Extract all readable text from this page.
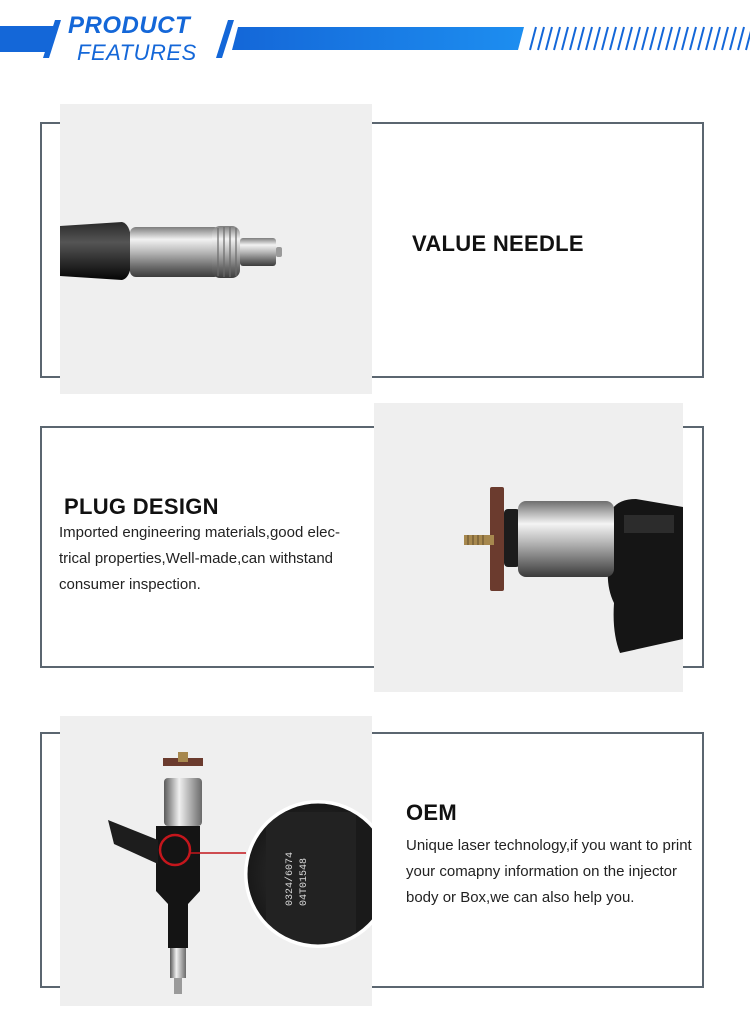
PRODUCT
FEATURES
VALUE NEEDLE
PLUG DESIGN
Imported engineering materials,good elec-
trical properties,Well-made,can withstand
consumer inspection.
0324/6074 04T01548
OEM
Unique laser technology,if you want to print
your comapny information on the injector
body or Box,we can also help you.
